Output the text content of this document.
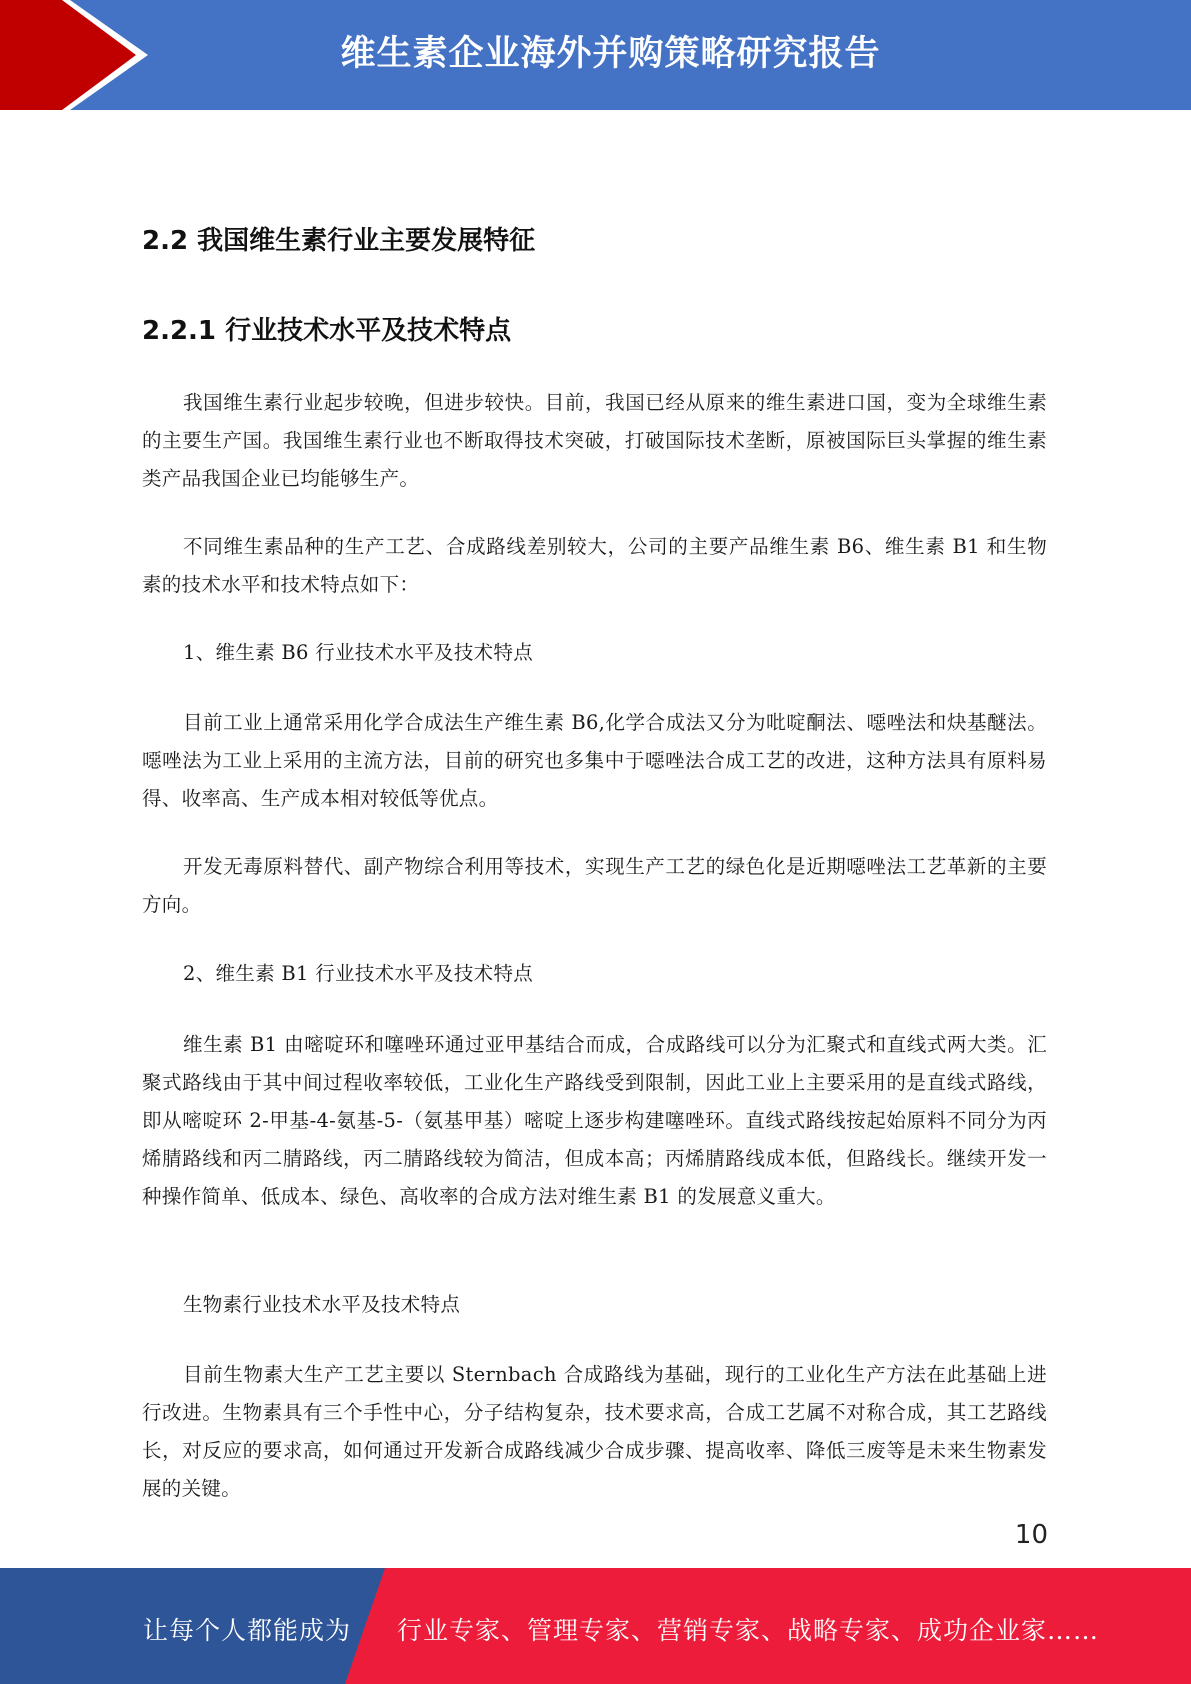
维生素企业海外并购策略研究报告
2.2 我国维生素行业主要发展特征
2.2.1 行业技术水平及技术特点

我国维生素行业起步较晚，但进步较快。目前，我国已经从原来的维生素进口国，变为全球维生素的主要生产国。我国维生素行业也不断取得技术突破，打破国际技术垄断，原被国际巨头掌握的维生素类产品我国企业已均能够生产。

不同维生素品种的生产工艺、合成路线差别较大，公司的主要产品维生素 B6、维生素 B1 和生物素的技术水平和技术特点如下：

1、维生素 B6 行业技术水平及技术特点

目前工业上通常采用化学合成法生产维生素 B6,化学合成法又分为吡啶酮法、噁唑法和炔基醚法。噁唑法为工业上采用的主流方法，目前的研究也多集中于噁唑法合成工艺的改进，这种方法具有原料易得、收率高、生产成本相对较低等优点。

开发无毒原料替代、副产物综合利用等技术，实现生产工艺的绿色化是近期噁唑法工艺革新的主要方向。

2、维生素 B1 行业技术水平及技术特点

维生素 B1 由嘧啶环和噻唑环通过亚甲基结合而成，合成路线可以分为汇聚式和直线式两大类。汇聚式路线由于其中间过程收率较低，工业化生产路线受到限制，因此工业上主要采用的是直线式路线，即从嘧啶环 2-甲基-4-氨基-5-（氨基甲基）嘧啶上逐步构建噻唑环。直线式路线按起始原料不同分为丙烯腈路线和丙二腈路线，丙二腈路线较为简洁，但成本高；丙烯腈路线成本低，但路线长。继续开发一种操作简单、低成本、绿色、高收率的合成方法对维生素 B1 的发展意义重大。

生物素行业技术水平及技术特点

目前生物素大生产工艺主要以 Sternbach 合成路线为基础，现行的工业化生产方法在此基础上进行改进。生物素具有三个手性中心，分子结构复杂，技术要求高，合成工艺属不对称合成，其工艺路线长，对反应的要求高，如何通过开发新合成路线减少合成步骤、提高收率、降低三废等是未来生物素发展的关键。

10
让每个人都能成为 行业专家、管理专家、营销专家、战略专家、成功企业家……
